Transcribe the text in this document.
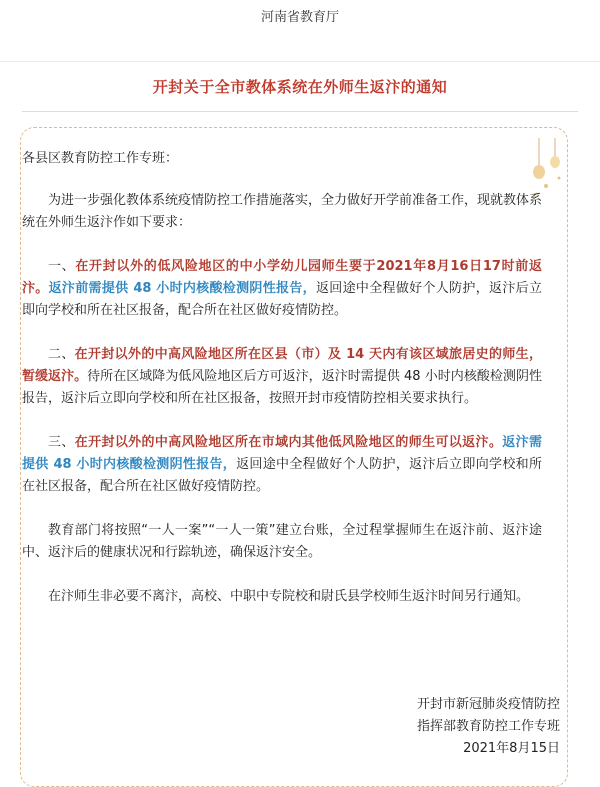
河南省教育厅
开封关于全市教体系统在外师生返汴的通知

各县区教育防控工作专班：

为进一步强化教体系统疫情防控工作措施落实，全力做好开学前准备工作，现就教体系统在外师生返汴作如下要求：

一、在开封以外的低风险地区的中小学幼儿园师生要于2021年8月16日17时前返汴。返汴前需提供 48 小时内核酸检测阴性报告，返回途中全程做好个人防护，返汴后立即向学校和所在社区报备，配合所在社区做好疫情防控。

二、在开封以外的中高风险地区所在区县（市）及 14 天内有该区域旅居史的师生，暂缓返汴。待所在区域降为低风险地区后方可返汴，返汴时需提供 48 小时内核酸检测阴性报告，返汴后立即向学校和所在社区报备，按照开封市疫情防控相关要求执行。

三、在开封以外的中高风险地区所在市域内其他低风险地区的师生可以返汴。返汴需提供 48 小时内核酸检测阴性报告，返回途中全程做好个人防护，返汴后立即向学校和所在社区报备，配合所在社区做好疫情防控。

教育部门将按照“一人一案”“一人一策”建立台账，全过程掌握师生在返汴前、返汴途中、返汴后的健康状况和行踪轨迹，确保返汴安全。

在汴师生非必要不离汴，高校、中职中专院校和尉氏县学校师生返汴时间另行通知。

开封市新冠肺炎疫情防控
指挥部教育防控工作专班
2021年8月15日
